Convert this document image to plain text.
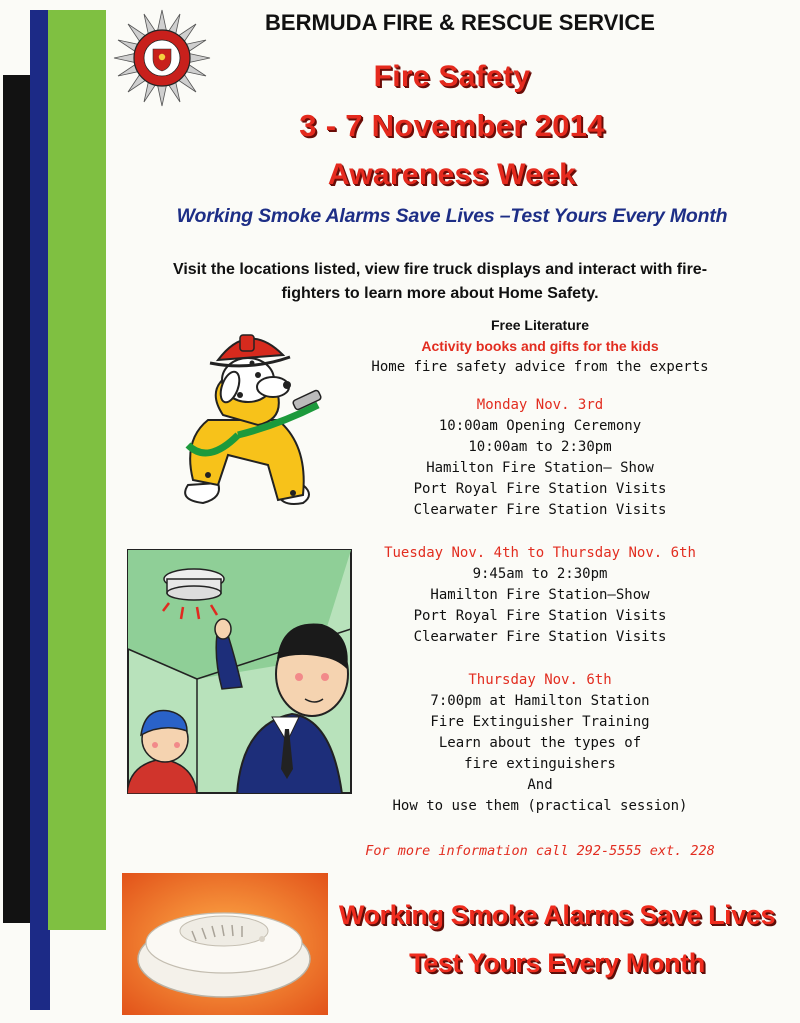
BERMUDA FIRE & RESCUE SERVICE
Fire Safety
3 - 7 November 2014
Awareness Week
Working Smoke Alarms Save Lives –Test Yours Every Month
Visit the locations listed, view fire truck displays and interact with fire-fighters to learn more about Home Safety.
Free Literature
Activity books and gifts for the kids
Home fire safety advice from the experts
Monday Nov. 3rd
10:00am Opening Ceremony
10:00am to 2:30pm
Hamilton Fire Station– Show
Port Royal Fire Station Visits
Clearwater Fire Station Visits
Tuesday Nov. 4th to Thursday Nov. 6th
9:45am to 2:30pm
Hamilton Fire Station—Show
Port Royal Fire Station Visits
Clearwater Fire Station Visits
Thursday Nov. 6th
7:00pm at Hamilton Station
Fire Extinguisher Training
Learn about the types of
fire extinguishers
And
How to use them (practical session)
For more information call 292-5555 ext. 228
Working Smoke Alarms Save Lives
Test Yours Every Month
